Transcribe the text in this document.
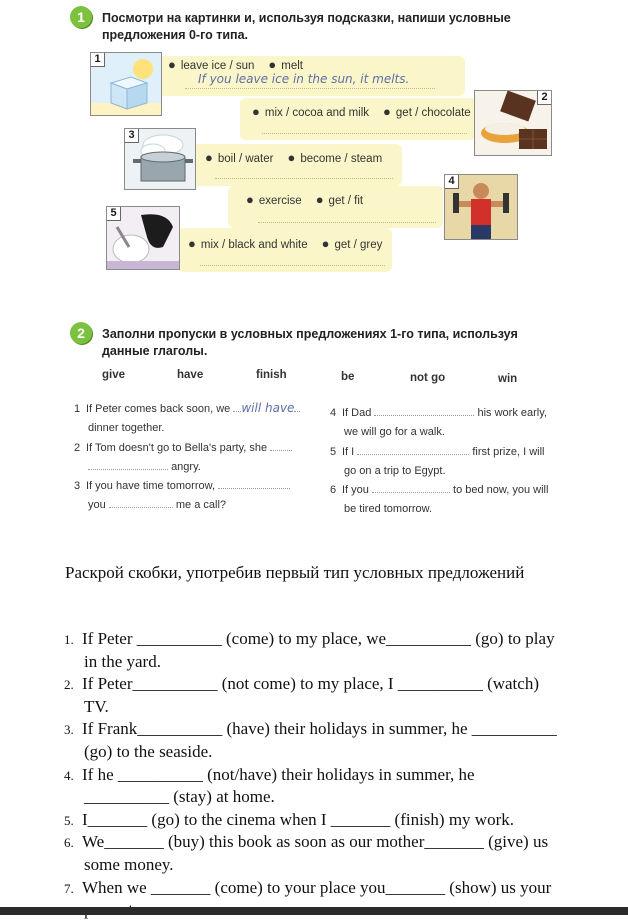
1	Посмотри на картинки и, используя подсказки, напиши условные
предложения 0-го типа.
1
2
3
4
5
● leave ice / sun ● melt
If you leave ice in the sun, it melts.
● mix / cocoa and milk ● get / chocolate
● boil / water ● become / steam
● exercise ● get / fit
● mix / black and white ● get / grey
2	Заполни пропуски в условных предложениях 1-го типа, используя
данные глаголы.
give	have	finish	be	not go	win
1 If Peter comes back soon, we will have
dinner together.
2 If Tom doesn't go to Bella's party, she
angry.
3 If you have time tomorrow,
you	me a call?
4 If Dad	his work early,
we will go for a walk.
5 If I	first prize, I will
go on a trip to Egypt.
6 If you	to bed now, you will
be tired tomorrow.
Раскрой скобки, употребив первый тип условных предложений
1. If Peter __________ (come) to my place, we__________ (go) to play
in the yard.
2. If Peter__________ (not come) to my place, I __________ (watch)
TV.
3. If Frank__________ (have) their holidays in summer, he __________
(go) to the seaside.
4. If he __________ (not/have) their holidays in summer, he
__________ (stay) at home.
5. I_______ (go) to the cinema when I _______ (finish) my work.
6. We_______ (buy) this book as soon as our mother_______ (give) us
some money.
7. When we _______ (come) to your place you_______ (show) us your
